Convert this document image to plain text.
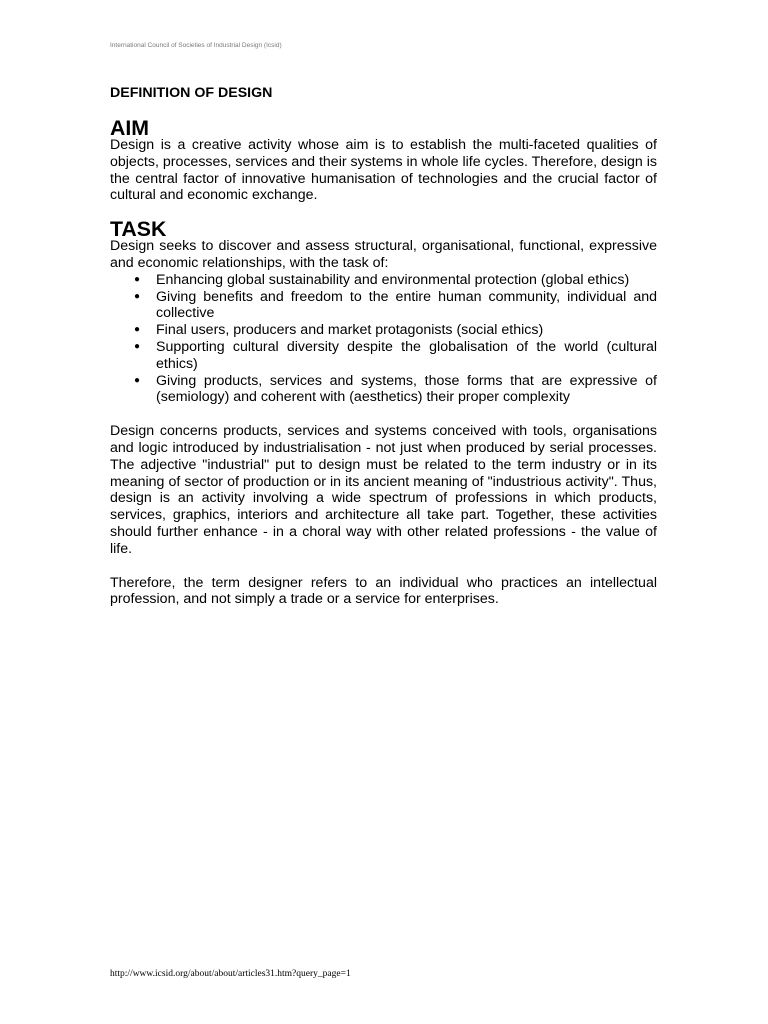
International Council of Societies of Industrial Design (Icsid)
DEFINITION OF DESIGN
AIM

Design is a creative activity whose aim is to establish the multi-faceted qualities of objects, processes, services and their systems in whole life cycles. Therefore, design is the central factor of innovative humanisation of technologies and the crucial factor of cultural and economic exchange.

TASK

Design seeks to discover and assess structural, organisational, functional, expressive and economic relationships, with the task of:

● Enhancing global sustainability and environmental protection (global ethics)
● Giving benefits and freedom to the entire human community, individual and collective
● Final users, producers and market protagonists (social ethics)
● Supporting cultural diversity despite the globalisation of the world (cultural ethics)
● Giving products, services and systems, those forms that are expressive of (semiology) and coherent with (aesthetics) their proper complexity

Design concerns products, services and systems conceived with tools, organisations and logic introduced by industrialisation - not just when produced by serial processes. The adjective "industrial" put to design must be related to the term industry or in its meaning of sector of production or in its ancient meaning of "industrious activity". Thus, design is an activity involving a wide spectrum of professions in which products, services, graphics, interiors and architecture all take part. Together, these activities should further enhance - in a choral way with other related professions - the value of life.

Therefore, the term designer refers to an individual who practices an intellectual profession, and not simply a trade or a service for enterprises.

http://www.icsid.org/about/about/articles31.htm?query_page=1
